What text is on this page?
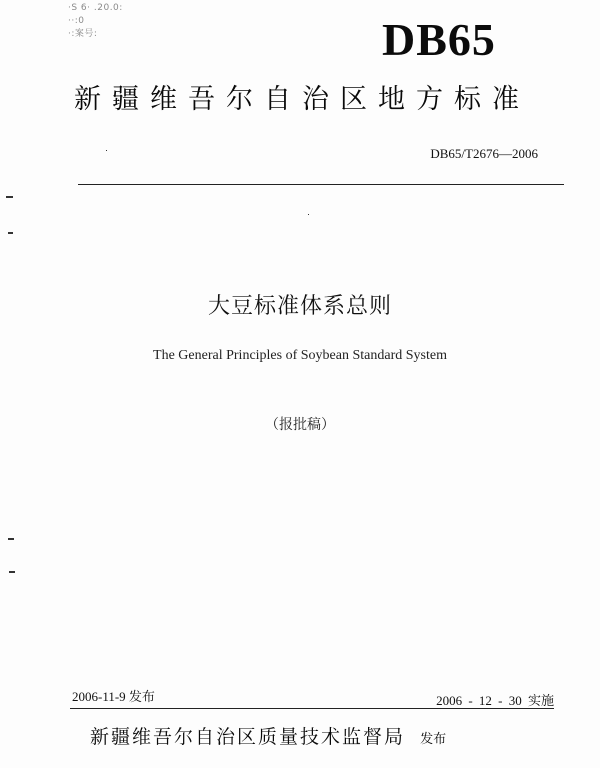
·S 6· .20.0:
··:0
·:案号:	DB65
新疆维吾尔自治区地方标准
DB65/T2676—2006
大豆标准体系总则
The General Principles of Soybean Standard System
（报批稿）
2006-11-9 发布	2006 - 12 - 30 实施
新疆维吾尔自治区质量技术监督局 发布
